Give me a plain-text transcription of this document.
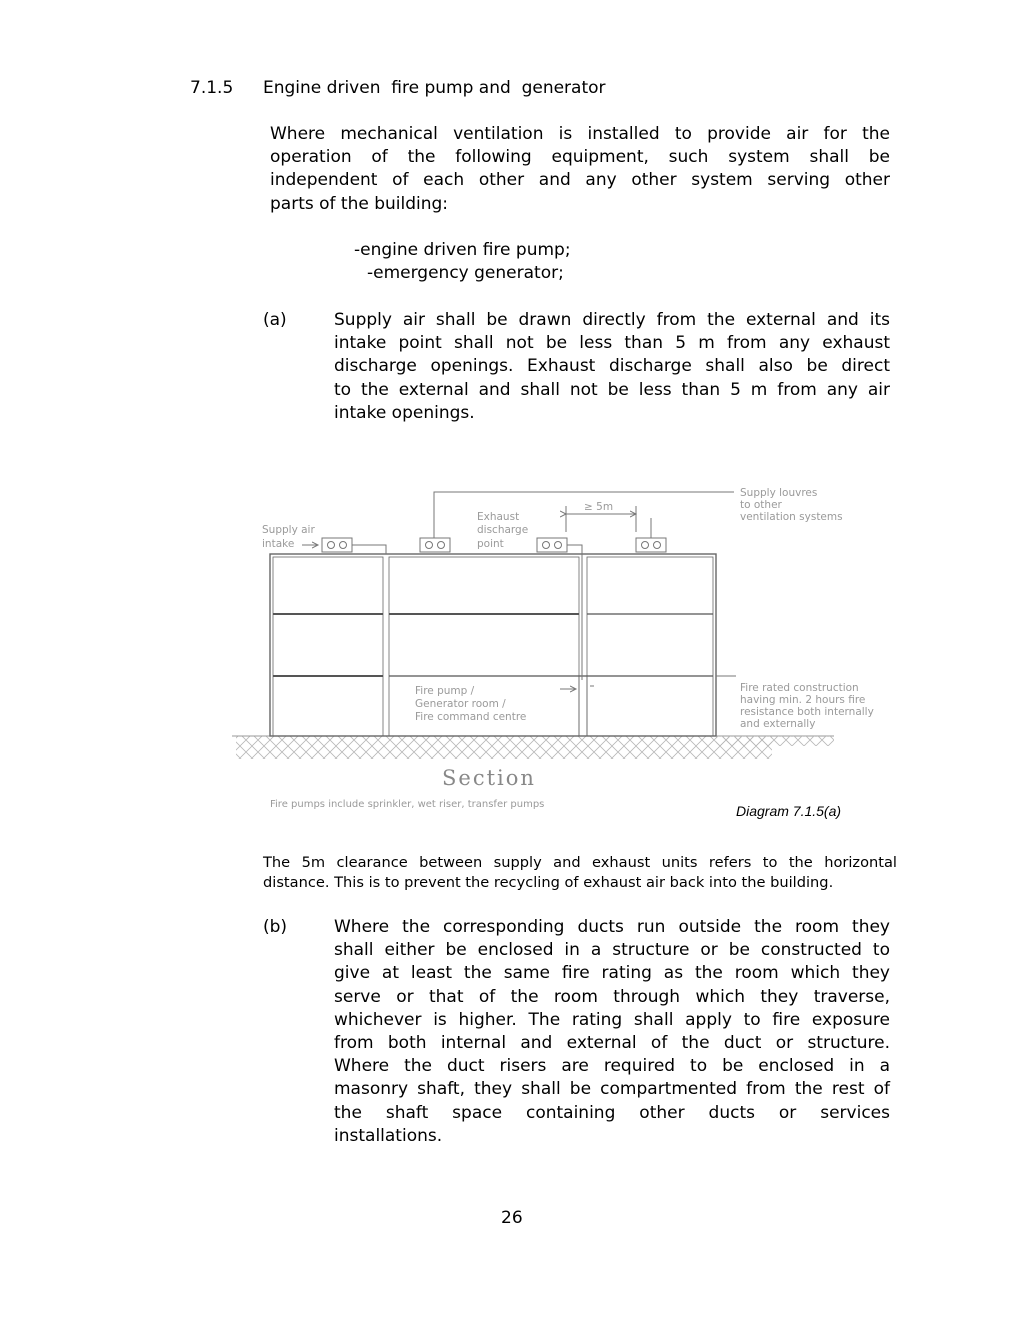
7.1.5 Engine driven  fire pump and  generator
Where mechanical ventilation is installed to provide air for the
operation of the following equipment, such system shall be
independent of each other and any other system serving other
parts of the building:
-engine driven fire pump;
-emergency generator;
(a)	Supply air shall be drawn directly from the external and its
intake point shall not be less than 5 m from any exhaust
discharge openings. Exhaust discharge shall also be direct
to the external and shall not be less than 5 m from any air
intake openings.
Supply air
intake
Exhaust
discharge
point
≥ 5m
Supply louvres
to other
ventilation systems
Fire pump /
Generator room /
Fire command centre
Fire rated construction
having min. 2 hours fire
resistance both internally
and externally
Section
Fire pumps include sprinkler, wet riser, transfer pumps	Diagram 7.1.5(a)
The 5m clearance between supply and exhaust units refers to the horizontal
distance. This is to prevent the recycling of exhaust air back into the building.
(b)	Where the corresponding ducts run outside the room they
shall either be enclosed in a structure or be constructed to
give at least the same fire rating as the room which they
serve or that of the room through which they traverse,
whichever is higher. The rating shall apply to fire exposure
from both internal and external of the duct or structure.
Where the duct risers are required to be enclosed in a
masonry shaft, they shall be compartmented from the rest of
the shaft space containing other ducts or services
installations.
26
